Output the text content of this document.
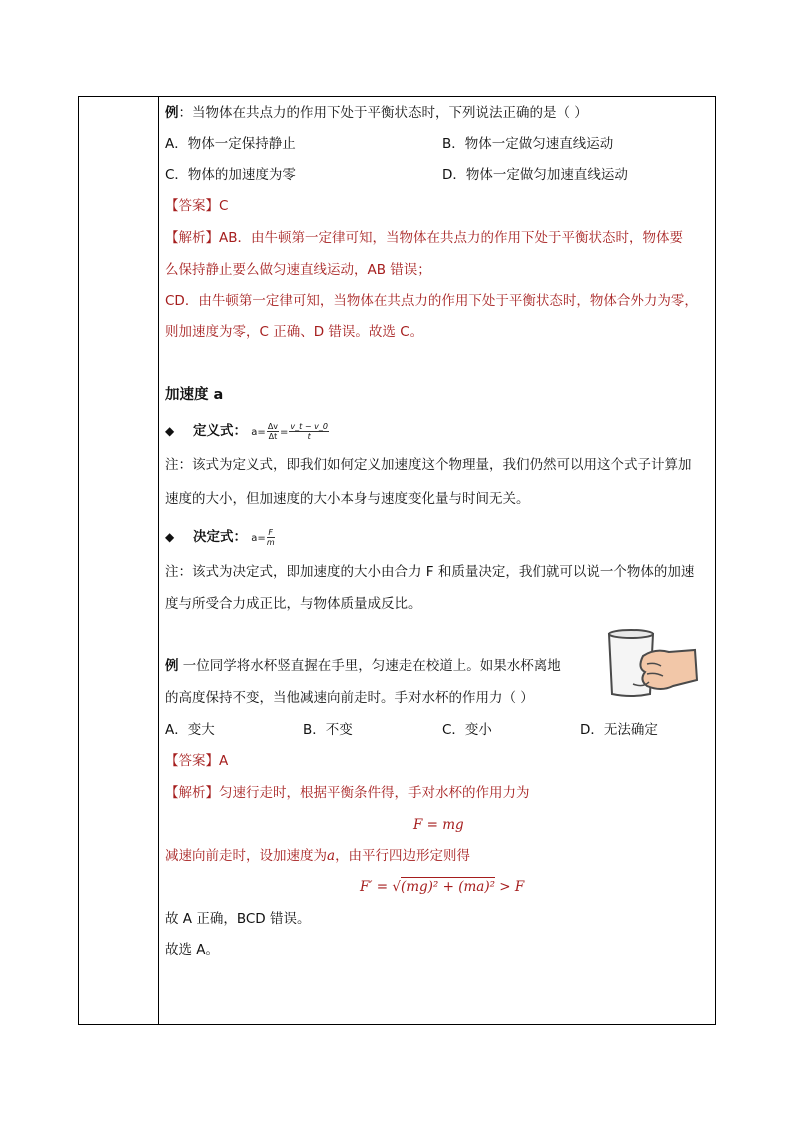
例：当物体在共点力的作用下处于平衡状态时，下列说法正确的是（ ）
A．物体一定保持静止	B．物体一定做匀速直线运动
C．物体的加速度为零	D．物体一定做匀加速直线运动
【答案】C
【解析】AB．由牛顿第一定律可知，当物体在共点力的作用下处于平衡状态时，物体要
么保持静止要么做匀速直线运动，AB 错误；
CD．由牛顿第一定律可知，当物体在共点力的作用下处于平衡状态时，物体合外力为零，
则加速度为零，C 正确、D 错误。故选 C。
加速度 a
◆ 定义式： $a= \frac{\Delta v}{\Delta t} = \frac{v\_t - v\_0}{t}$
注：该式为定义式，即我们如何定义加速度这个物理量，我们仍然可以用这个式子计算加
速度的大小，但加速度的大小本身与速度变化量与时间无关。
◆ 决定式： $a= \frac{F}{m}$
注：该式为决定式，即加速度的大小由合力 F 和质量决定，我们就可以说一个物体的加速
度与所受合力成正比，与物体质量成反比。
例 一位同学将水杯竖直握在手里，匀速走在校道上。如果水杯离地
的高度保持不变，当他减速向前走时。手对水杯的作用力（ ）
A．变大	B．不变	C．变小	D．无法确定
【答案】A
【解析】匀速行走时，根据平衡条件得，手对水杯的作用力为
F = mg
减速向前走时，设加速度为a，由平行四边形定则得
F′ = √(mg)² + (ma)² > F
故 A 正确，BCD 错误。
故选 A。
